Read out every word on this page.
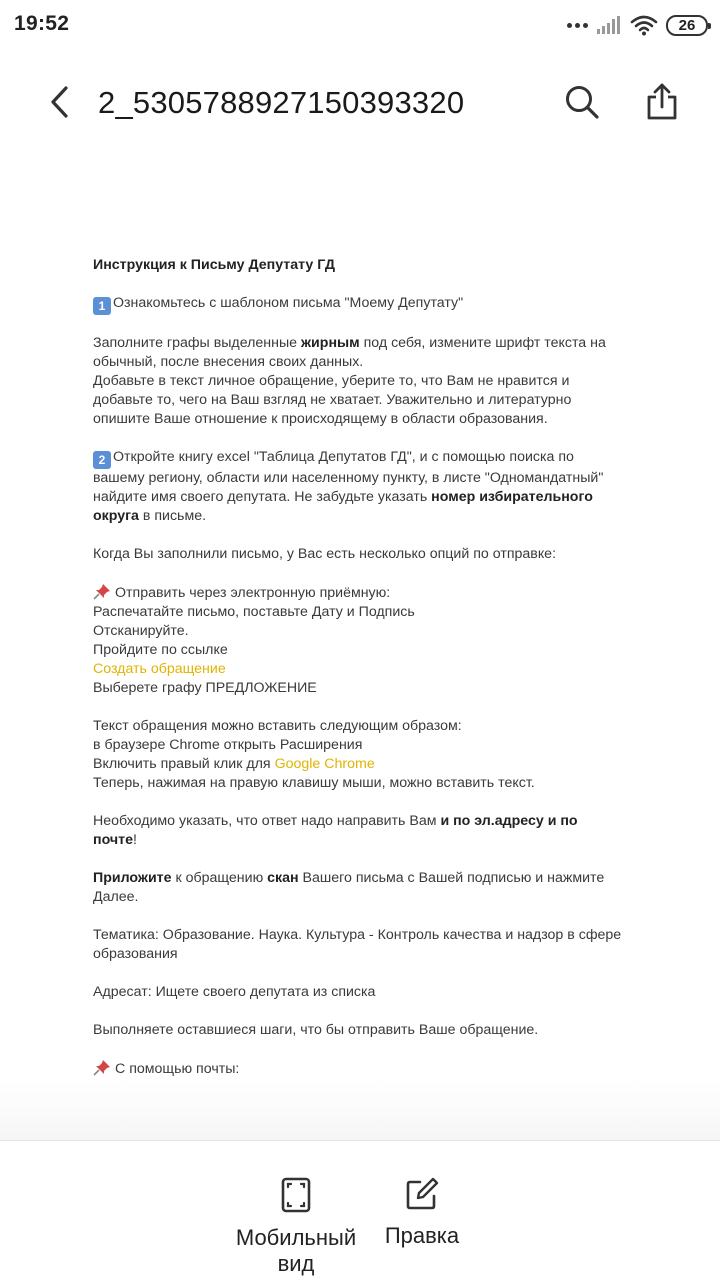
19:52	26
2_5305788927150393320

Инструкция к Письму Депутату ГД

1 Ознакомьтесь с шаблоном письма "Моему Депутату"

Заполните графы выделенные жирным под себя, измените шрифт текста на обычный, после внесения своих данных.

Добавьте в текст личное обращение, уберите то, что Вам не нравится и добавьте то, чего на Ваш взгляд не хватает. Уважительно и литературно опишите Ваше отношение к происходящему в области образования.

2 Откройте книгу excel "Таблица Депутатов ГД", и с помощью поиска по вашему региону, области или населенному пункту, в листе "Одномандатный" найдите имя своего депутата. Не забудьте указать номер избирательного округа в письме.

Когда Вы заполнили письмо, у Вас есть несколько опций по отправке:

Отправить через электронную приёмную:

Распечатайте письмо, поставьте Дату и Подпись

Отсканируйте.

Пройдите по ссылке

Создать обращение

Выберете графу ПРЕДЛОЖЕНИЕ

Текст обращения можно вставить следующим образом:

в браузере Chrome открыть Расширения

Включить правый клик для Google Chrome

Теперь, нажимая на правую клавишу мыши, можно вставить текст.

Необходимо указать, что ответ надо направить Вам и по эл.адресу и по почте!

Приложите к обращению скан Вашего письма с Вашей подписью и нажмите Далее.

Тематика: Образование. Наука. Культура - Контроль качества и надзор в сфере образования

Адресат: Ищете своего депутата из списка

Выполняете оставшиеся шаги, что бы отправить Ваше обращение.

С помощью почты:

Мобильный вид
Правка
